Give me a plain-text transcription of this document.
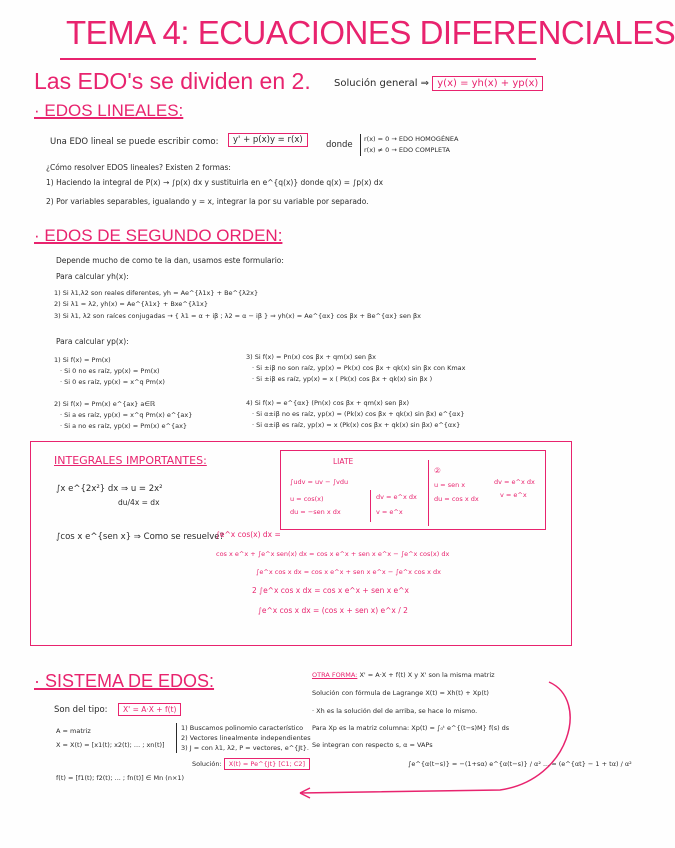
TEMA 4: ECUACIONES DIFERENCIALES
Las EDO's se dividen en 2. Solución general ⇒ y(x) = yh(x) + yp(x)
· EDOS LINEALES:
Una EDO lineal se puede escribir como:	y' + p(x)y = r(x)	donde
r(x) = 0 → EDO HOMOGÉNEA
r(x) ≠ 0 → EDO COMPLETA
¿Cómo resolver EDOS lineales? Existen 2 formas:
1) Haciendo la integral de P(x) → ∫p(x) dx y sustituirla en e^{q(x)} donde q(x) = ∫p(x) dx
2) Por variables separables, igualando y = x, integrar la por su variable por separado.
· EDOS DE SEGUNDO ORDEN:
Depende mucho de como te la dan, usamos este formulario:
Para calcular yh(x):
1) Si λ1,λ2 son reales diferentes, yh = Ae^{λ1x} + Be^{λ2x}
2) Si λ1 = λ2, yh(x) = Ae^{λ1x} + Bxe^{λ1x}
3) Si λ1, λ2 son raíces conjugadas → { λ1 = α + iβ ; λ2 = α − iβ } ⇒ yh(x) = Ae^{αx} cos βx + Be^{αx} sen βx
Para calcular yp(x):
1) Si f(x) = Pm(x)
· Si 0 no es raíz, yp(x) = Pm(x)
· Si 0 es raíz, yp(x) = x^q Pm(x)
2) Si f(x) = Pm(x) e^{ax} a∈ℝ
· Si a es raíz, yp(x) = x^q Pm(x) e^{ax}
· Si a no es raíz, yp(x) = Pm(x) e^{ax}
3) Si f(x) = Pn(x) cos βx + qm(x) sen βx
· Si ±iβ no son raíz, yp(x) = Pk(x) cos βx + qk(x) sin βx con Kmax
· Si ±iβ es raíz, yp(x) = x ( Pk(x) cos βx + qk(x) sin βx )
4) Si f(x) = e^{αx} (Pn(x) cos βx + qm(x) sen βx)
· Si α±iβ no es raíz, yp(x) = (Pk(x) cos βx + qk(x) sin βx) e^{αx}
· Si α±iβ es raíz, yp(x) = x (Pk(x) cos βx + qk(x) sin βx) e^{αx}
INTEGRALES IMPORTANTES:
∫x e^{2x²} dx ⇒ u = 2x²
du/4x = dx
∫cos x e^{sen x} ⇒ Como se resuelve?
LIATE
∫udv = uv − ∫vdu
u = cos(x)
du = −sen x dx
dv = e^x dx
v = e^x
②
u = sen x
du = cos x dx
dv = e^x dx
v = e^x
∫e^x cos(x) dx =
cos x e^x + ∫e^x sen(x) dx = cos x e^x + sen x e^x − ∫e^x cos(x) dx
∫e^x cos x dx = cos x e^x + sen x e^x − ∫e^x cos x dx
2 ∫e^x cos x dx = cos x e^x + sen x e^x
∫e^x cos x dx = (cos x + sen x) e^x / 2
· SISTEMA DE EDOS:
Son del tipo:	X' = A·X + f(t)
A = matriz
X = X(t) = [x1(t); x2(t); ... ; xn(t)]
f(t) = [f1(t); f2(t); ... ; fn(t)] ∈ Mn (n×1)
1) Buscamos polinomio característico
2) Vectores linealmente independientes
3) J = con λ1, λ2, P = vectores, e^{Jt}.
Solución: X(t) = Pe^{Jt} [C1; C2]
OTRA FORMA: X' = A·X + f(t) X y X' son la misma matriz
Solución con fórmula de Lagrange X(t) = Xh(t) + Xp(t)
· Xh es la solución del de arriba, se hace lo mismo.
Para Xp es la matriz columna: Xp(t) = ∫₀ᵗ e^{(t−s)M} f(s) ds
Se integran con respecto s, α = VAPs
∫e^{α(t−s)} = −(1+sα) e^{α(t−s)} / α² ... = (e^{αt} − 1 + tα) / α²
